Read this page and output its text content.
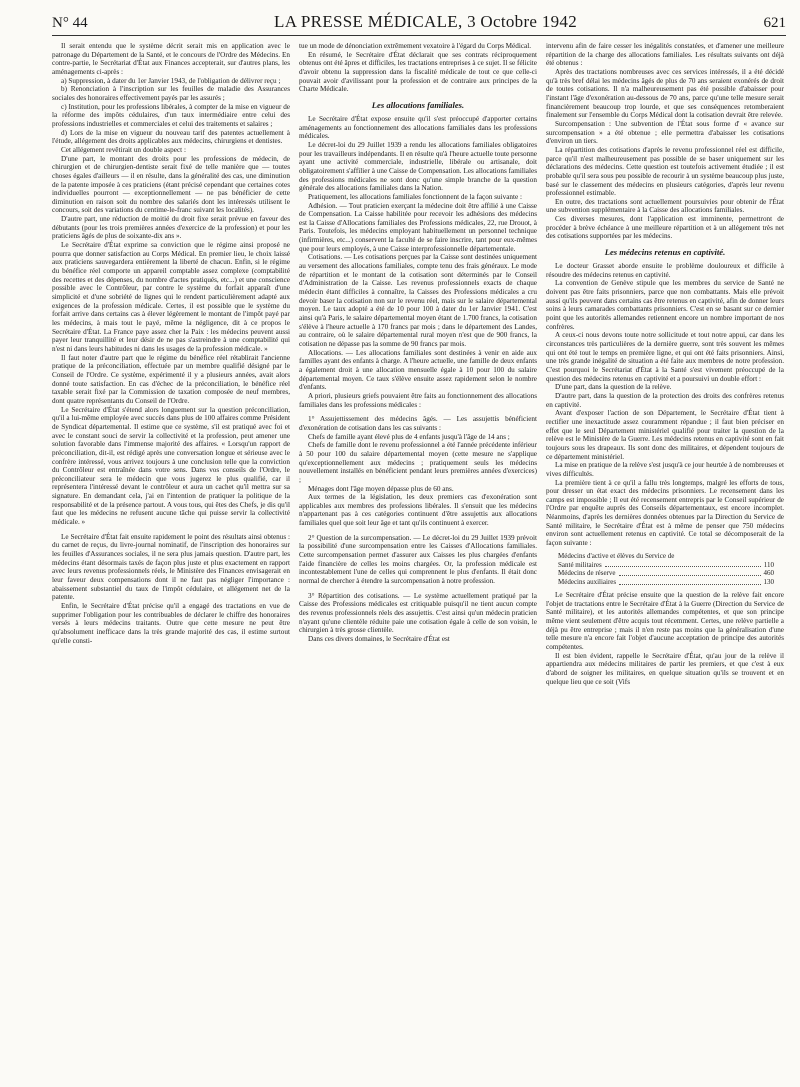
N° 44	LA PRESSE MÉDICALE, 3 Octobre 1942	621

Il serait entendu que le système décrit serait mis en application avec le patronage du Département de la Santé, et le concours de l'Ordre des Médecins. En contre-partie, le Secrétariat d'État aux Finances accepterait, sur d'autres plans, les aménagements ci-après :

a) Suppression, à dater du 1er Janvier 1943, de l'obligation de délivrer reçu ;

b) Renonciation à l'inscription sur les feuilles de maladie des Assurances sociales des honoraires effectivement payés par les assurés ;

c) Institution, pour les professions libérales, à compter de la mise en vigueur de la réforme des impôts cédulaires, d'un taux intermédiaire entre celui des professions industrielles et commerciales et celui des traitements et salaires ;

d) Lors de la mise en vigueur du nouveau tarif des patentes actuellement à l'étude, allégement des droits applicables aux médecins, chirurgiens et dentistes.

Cet allégement revêtirait un double aspect :

D'une part, le montant des droits pour les professions de médecin, de chirurgien et de chirurgien-dentiste serait fixé de telle manière que — toutes choses égales d'ailleurs — il en résulte, dans la généralité des cas, une diminution de la patente imposée à ces praticiens (étant précisé cependant que certaines cotes individuelles pourront — exceptionnellement — ne pas bénéficier de cette diminution en raison soit du nombre des salariés dont les intéressés utilisent le concours, soit des variations du centime-le-franc suivant les localités).

D'autre part, une réduction de moitié du droit fixe serait prévue en faveur des débutants (pour les trois premières années d'exercice de la profession) et pour les praticiens âgés de plus de soixante-dix ans ».

Le Secrétaire d'État exprime sa conviction que le régime ainsi proposé ne pourra que donner satisfaction au Corps Médical. En premier lieu, le choix laissé aux praticiens sauvegardera entièrement la liberté de chacun. Enfin, si le régime du bénéfice réel comporte un appareil comptable assez complexe (comptabilité des recettes et des dépenses, du nombre d'actes pratiqués, etc...) et une conscience possible avec le Contrôleur, par contre le système du forfait apparaît d'une simplicité et d'une sobriété de lignes qui le rendent particulièrement adapté aux exigences de la profession médicale. Certes, il est possible que le système du forfait arrive dans certains cas à élever légèrement le montant de l'impôt payé par les médecins, à mais tout le payé, même la négligence, dit à ce propos le Secrétaire d'État. La France paye assez cher la Paix : les médecins peuvent aussi payer leur tranquillité et leur désir de ne pas s'astreindre à une comptabilité qui n'est ni dans leurs habitudes ni dans les usages de la profession médicale. »

Il faut noter d'autre part que le régime du bénéfice réel rétablirait l'ancienne pratique de la préconciliation, effectuée par un membre qualifié désigné par le Conseil de l'Ordre. Ce système, expérimenté il y a plusieurs années, avait alors donné toute satisfaction. En cas d'échec de la préconciliation, le bénéfice réel taxable serait fixé par la Commission de taxation composée de neuf membres, dont quatre représentants du Conseil de l'Ordre.

Le Secrétaire d'État s'étend alors longuement sur la question préconciliation, qu'il a lui-même employée avec succès dans plus de 100 affaires comme Président de Syndicat départemental. Il estime que ce système, s'il est pratiqué avec foi et avec le constant souci de servir la collectivité et la profession, peut amener une solution favorable dans l'immense majorité des affaires. « Lorsqu'un rapport de préconciliation, dit-il, est rédigé après une conversation longue et sérieuse avec le confrère intéressé, vous arrivez toujours à une conclusion telle que la conviction du Contrôleur est entraînée dans votre sens. Dans vos conseils de l'Ordre, le préconciliateur sera le médecin que vous jugerez le plus qualifié, car il représentera l'intéressé devant le contrôleur et aura un cachet qu'il mettra sur sa signature. En demandant cela, j'ai en l'intention de pratiquer la politique de la responsabilité et de la présence partout. A vous tous, qui êtes des Chefs, je dis qu'il faut que les médecins ne refusent aucune tâche qui puisse servir la collectivité médicale. »

Le Secrétaire d'État fait ensuite rapidement le point des résultats ainsi obtenus : du carnet de reçus, du livre-journal nominatif, de l'inscription des honoraires sur les feuilles d'Assurances sociales, il ne sera plus jamais question. D'autre part, les médecins étant désormais taxés de façon plus juste et plus exactement en rapport avec leurs revenus professionnels réels, le Ministère des Finances envisagerait en leur faveur deux compensations dont il ne faut pas négliger l'importance : abaissement substantiel du taux de l'impôt cédulaire, et allégement net de la patente.

Enfin, le Secrétaire d'État précise qu'il a engagé des tractations en vue de supprimer l'obligation pour les contribuables de déclarer le chiffre des honoraires versés à leurs médecins traitants. Outre que cette mesure ne peut être qu'absolument inefficace dans la très grande majorité des cas, il estime surtout qu'elle consti-

tue un mode de dénonciation extrêmement vexatoire à l'égard du Corps Médical.

En résumé, le Secrétaire d'État déclarait que ses contrats réciproquement obtenus ont été âpres et difficiles, les tractations entreprises à ce sujet. Il se félicite d'avoir obtenu la suppression dans la fiscalité médicale de tout ce que celle-ci pouvait avoir d'avilissant pour la profession et de contraire aux principes de la Charte Médicale.

Les allocations familiales.

Le Secrétaire d'État expose ensuite qu'il s'est préoccupé d'apporter certains aménagements au fonctionnement des allocations familiales dans les professions médicales.

Le décret-loi du 29 Juillet 1939 a rendu les allocations familiales obligatoires pour les travailleurs indépendants. Il en résulte qu'à l'heure actuelle toute personne ayant une activité commerciale, industrielle, libérale ou artisanale, doit obligatoirement s'affilier à une Caisse de Compensation. Les allocations familiales des professions médicales ne sont donc qu'une simple branche de la question générale des allocations familiales dans la Nation.

Pratiquement, les allocations familiales fonctionnent de la façon suivante :

Adhésion. — Tout praticien exerçant la médecine doit être affilié à une Caisse de Compensation. La Caisse habilitée pour recevoir les adhésions des médecins est la Caisse d'Allocations familiales des Professions médicales, 22, rue Drouot, à Paris. Toutefois, les médecins employant habituellement un personnel technique (infirmières, etc...) conservent la faculté de se faire inscrire, tant pour eux-mêmes que pour leurs employés, à une Caisse interprofessionnelle départementale.

Cotisations. — Les cotisations perçues par la Caisse sont destinées uniquement au versement des allocations familiales, compte tenu des frais généraux. Le mode de répartition et le montant de la cotisation sont déterminés par le Conseil d'Administration de la Caisse. Les revenus professionnels exacts de chaque médecin étant difficiles à connaître, la Caisses des Professions médicales a cru devoir baser la cotisation non sur le revenu réel, mais sur le salaire départemental moyen. Le taux adopté a été de 10 pour 100 à dater du 1er Janvier 1941. C'est ainsi qu'à Paris, le salaire départemental moyen étant de 1.700 francs, la cotisation s'élève à l'heure actuelle à 170 francs par mois ; dans le département des Landes, au contraire, où le salaire départemental rural moyen n'est que de 900 francs, la cotisation ne dépasse pas la somme de 90 francs par mois.

Allocations. — Les allocations familiales sont destinées à venir en aide aux familles ayant des enfants à charge. A l'heure actuelle, une famille de deux enfants a également droit à une allocation mensuelle égale à 10 pour 100 du salaire départemental moyen. Ce taux s'élève ensuite assez rapidement selon le nombre d'enfants.

A priori, plusieurs griefs pouvaient être faits au fonctionnement des allocations familiales dans les professions médicales :

1° Assujettissement des médecins âgés. — Les assujettis bénéficient d'exonération de cotisation dans les cas suivants :

Chefs de famille ayant élevé plus de 4 enfants jusqu'à l'âge de 14 ans ;

Chefs de famille dont le revenu professionnel a été l'année précédente inférieur à 50 pour 100 du salaire départemental moyen (cette mesure ne s'applique qu'exceptionnellement aux médecins ; pratiquement seuls les médecins nouvellement installés en bénéficient pendant leurs premières années d'exercices) ;

Ménages dont l'âge moyen dépasse plus de 60 ans.

Aux termes de la législation, les deux premiers cas d'exonération sont applicables aux membres des professions libérales. Il s'ensuit que les médecins n'appartenant pas à ces catégories continuent d'être assujettis aux allocations familiales quel que soit leur âge et tant qu'ils continuent à exercer.

2° Question de la surcompensation. — Le décret-loi du 29 Juillet 1939 prévoit la possibilité d'une surcompensation entre les Caisses d'Allocations familiales. Cette surcompensation permet d'assurer aux Caisses les plus chargées d'enfants l'aide financière de celles les moins chargées. Or, la profession médicale est incontestablement l'une de celles qui comprennent le plus d'enfants. Il était donc normal de chercher à étendre la surcompensation à notre profession.

3° Répartition des cotisations. — Le système actuellement pratiqué par la Caisse des Professions médicales est critiquable puisqu'il ne tient aucun compte des revenus professionnels réels des assujettis. C'est ainsi qu'un médecin praticien n'ayant qu'une clientèle réduite paie une cotisation égale à celle de son voisin, le chirurgien à très grosse clientèle.

Dans ces divers domaines, le Secrétaire d'État est

intervenu afin de faire cesser les inégalités constatées, et d'amener une meilleure répartition de la charge des allocations familiales. Les résultats suivants ont déjà été obtenus :

Après des tractations nombreuses avec ces services intéressés, il a été décidé qu'à très bref délai les médecins âgés de plus de 70 ans seraient exonérés de droit de toutes cotisations. Il n'a malheureusement pas été possible d'abaisser pour l'instant l'âge d'exonération au-dessous de 70 ans, parce qu'une telle mesure serait financièrement beaucoup trop lourde, et que ses conséquences retomberaient finalement sur l'ensemble du Corps Médical dont la cotisation devrait être relevée.

Surcompensation : Une subvention de l'État sous forme d' « avance sur surcompensation » a été obtenue ; elle permettra d'abaisser les cotisations d'environ un tiers.

La répartition des cotisations d'après le revenu professionnel réel est difficile, parce qu'il n'est malheureusement pas possible de se baser uniquement sur les déclarations des médecins. Cette question est toutefois activement étudiée ; il est probable qu'il sera sous peu possible de recourir à un système beaucoup plus juste, basé sur le classement des médecins en plusieurs catégories, d'après leur revenu professionnel estimable.

En outre, des tractations sont actuellement poursuivies pour obtenir de l'État une subvention supplémentaire à la Caisse des allocations familiales.

Ces diverses mesures, dont l'application est imminente, permettront de procéder à brève échéance à une meilleure répartition et à un allégement très net des cotisations supportées par les médecins.

Les médecins retenus en captivité.

Le docteur Grasset aborde ensuite le problème douloureux et difficile à résoudre des médecins retenus en captivité.

La convention de Genève stipule que les membres du service de Santé ne doivent pas être faits prisonniers, parce que non combattants. Mais elle prévoit aussi qu'ils peuvent dans certains cas être retenus en captivité, afin de donner leurs soins à leurs camarades combattants prisonniers. C'est en se basant sur ce dernier point que les autorités allemandes retiennent encore un nombre important de nos confrères.

A ceux-ci nous devons toute notre sollicitude et tout notre appui, car dans les circonstances très particulières de la dernière guerre, sont très souvent les mêmes qui ont été tout le temps en première ligne, et qui ont été faits prisonniers. Ainsi, une très grande inégalité de situation a été faite aux membres de notre profession. C'est pourquoi le Secrétariat d'État à la Santé s'est vivement préoccupé de la question des médecins retenus en captivité et a poursuivi un double effort :

D'une part, dans la question de la relève.

D'autre part, dans la question de la protection des droits des confrères retenus en captivité.

Avant d'exposer l'action de son Département, le Secrétaire d'État tient à rectifier une inexactitude assez couramment répandue ; il faut bien préciser en effet que le seul Département ministériel qualifié pour traiter la question de la relève est le Ministère de la Guerre. Les médecins retenus en captivité sont en fait toujours sous les drapeaux. Ils sont donc des militaires, et dépendent toujours de ce département ministériel.

La mise en pratique de la relève s'est jusqu'à ce jour heurtée à de nombreuses et vives difficultés.

La première tient à ce qu'il a fallu très longtemps, malgré les efforts de tous, pour dresser un état exact des médecins prisonniers. Le recensement dans les camps est impossible ; Il eut été recensement entrepris par le Conseil supérieur de l'Ordre par enquête auprès des Conseils départementaux, est encore incomplet. Néanmoins, d'après les dernières données obtenues par la Direction du Service de Santé militaire, le Secrétaire d'État est à même de penser que 750 médecins environ sont actuellement retenus en captivité. Ce total se décomposerait de la façon suivante :

Médecins d'active et élèves du Service de
Santé militaires	110
Médecins de réserve	460
Médecins auxiliaires	130

Le Secrétaire d'État précise ensuite que la question de la relève fait encore l'objet de tractations entre le Secrétaire d'État à la Guerre (Direction du Service de Santé militaire), et les autorités allemandes compétentes, et que son principe même vient seulement d'être acquis tout récemment. Certes, une relève partielle a déjà pu être entreprise ; mais il n'en reste pas moins que la généralisation d'une telle mesure n'a encore fait l'objet d'aucune acceptation de principe des autorités compétentes.

Il est bien évident, rappelle le Secrétaire d'État, qu'au jour de la relève il appartiendra aux médecins militaires de partir les premiers, et que c'est à eux d'abord de soigner les militaires, en quelque situation qu'ils se trouvent et en quelque lieu que ce soit (Vifs
